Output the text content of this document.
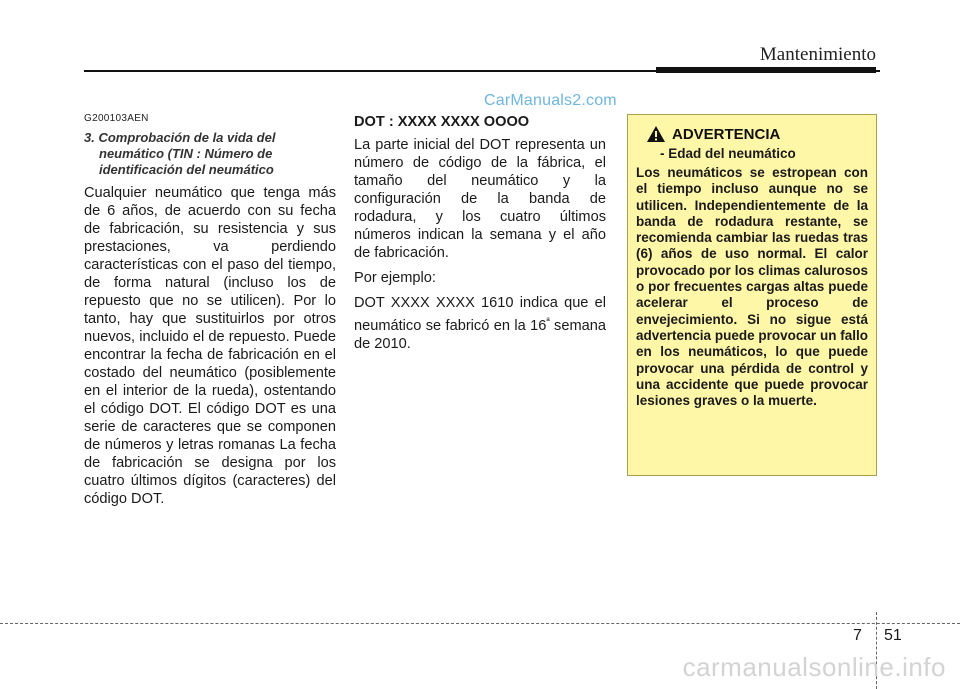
Mantenimiento
CarManuals2.com
G200103AEN
3. Comprobación de la vida del neumático (TIN : Número de identificación del neumático

Cualquier neumático que tenga más de 6 años, de acuerdo con su fecha de fabricación, su resistencia y sus prestaciones, va perdiendo características con el paso del tiempo, de forma natural (incluso los de repuesto que no se utilicen). Por lo tanto, hay que sustituirlos por otros nuevos, incluido el de repuesto. Puede encontrar la fecha de fabricación en el costado del neumático (posiblemente en el interior de la rueda), ostentando el código DOT. El código DOT es una serie de caracteres que se componen de números y letras romanas La fecha de fabricación se designa por los cuatro últimos dígitos (caracteres) del código DOT.

DOT : XXXX XXXX OOOO

La parte inicial del DOT representa un número de código de la fábrica, el tamaño del neumático y la configuración de la banda de rodadura, y los cuatro últimos números indican la semana y el año de fabricación.

Por ejemplo:

DOT XXXX XXXX 1610 indica que el neumático se fabricó en la $16^ª$ semana de 2010.

ADVERTENCIA
- Edad del neumático

Los neumáticos se estropean con el tiempo incluso aunque no se utilicen. Independientemente de la banda de rodadura restante, se recomienda cambiar las ruedas tras (6) años de uso normal. El calor provocado por los climas calurosos o por frecuentes cargas altas puede acelerar el proceso de envejecimiento. Si no sigue está advertencia puede provocar un fallo en los neumáticos, lo que puede provocar una pérdida de control y una accidente que puede provocar lesiones graves o la muerte.

7 51
carmanualsonline.info
